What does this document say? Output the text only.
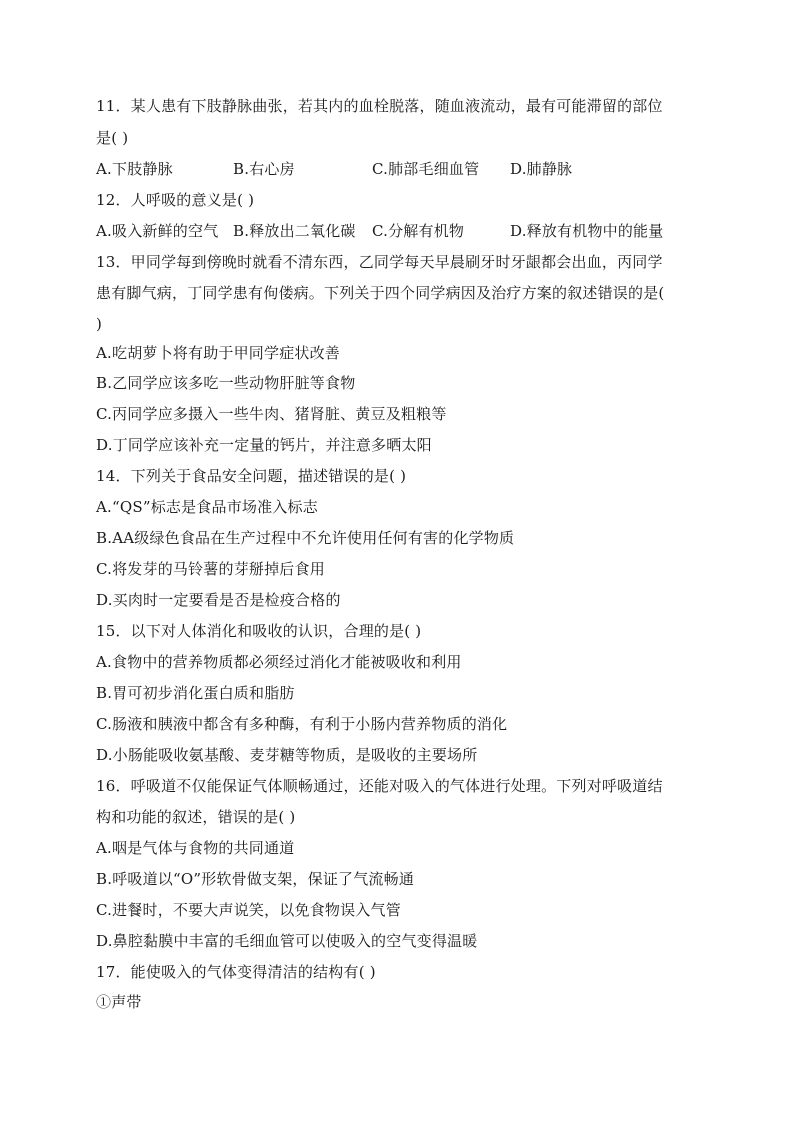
11．某人患有下肢静脉曲张，若其内的血栓脱落，随血液流动，最有可能滞留的部位
是( )
A.下肢静脉	B.右心房	C.肺部毛细血管 D.肺静脉
12．人呼吸的意义是( )
A.吸入新鲜的空气 B.释放出二氧化碳 C.分解有机物	D.释放有机物中的能量
13．甲同学每到傍晚时就看不清东西，乙同学每天早晨刷牙时牙龈都会出血，丙同学
患有脚气病，丁同学患有佝偻病。下列关于四个同学病因及治疗方案的叙述错误的是(
)
A.吃胡萝卜将有助于甲同学症状改善
B.乙同学应该多吃一些动物肝脏等食物
C.丙同学应多摄入一些牛肉、猪肾脏、黄豆及粗粮等
D.丁同学应该补充一定量的钙片，并注意多晒太阳
14．下列关于食品安全问题，描述错误的是( )
A.“QS”标志是食品市场准入标志
B.AA级绿色食品在生产过程中不允许使用任何有害的化学物质
C.将发芽的马铃薯的芽掰掉后食用
D.买肉时一定要看是否是检疫合格的
15．以下对人体消化和吸收的认识，合理的是( )
A.食物中的营养物质都必须经过消化才能被吸收和利用
B.胃可初步消化蛋白质和脂肪
C.肠液和胰液中都含有多种酶，有利于小肠内营养物质的消化
D.小肠能吸收氨基酸、麦芽糖等物质，是吸收的主要场所
16．呼吸道不仅能保证气体顺畅通过，还能对吸入的气体进行处理。下列对呼吸道结
构和功能的叙述，错误的是( )
A.咽是气体与食物的共同通道
B.呼吸道以“O”形软骨做支架，保证了气流畅通
C.进餐时，不要大声说笑，以免食物误入气管
D.鼻腔黏膜中丰富的毛细血管可以使吸入的空气变得温暖
17．能使吸入的气体变得清洁的结构有( )
①声带
